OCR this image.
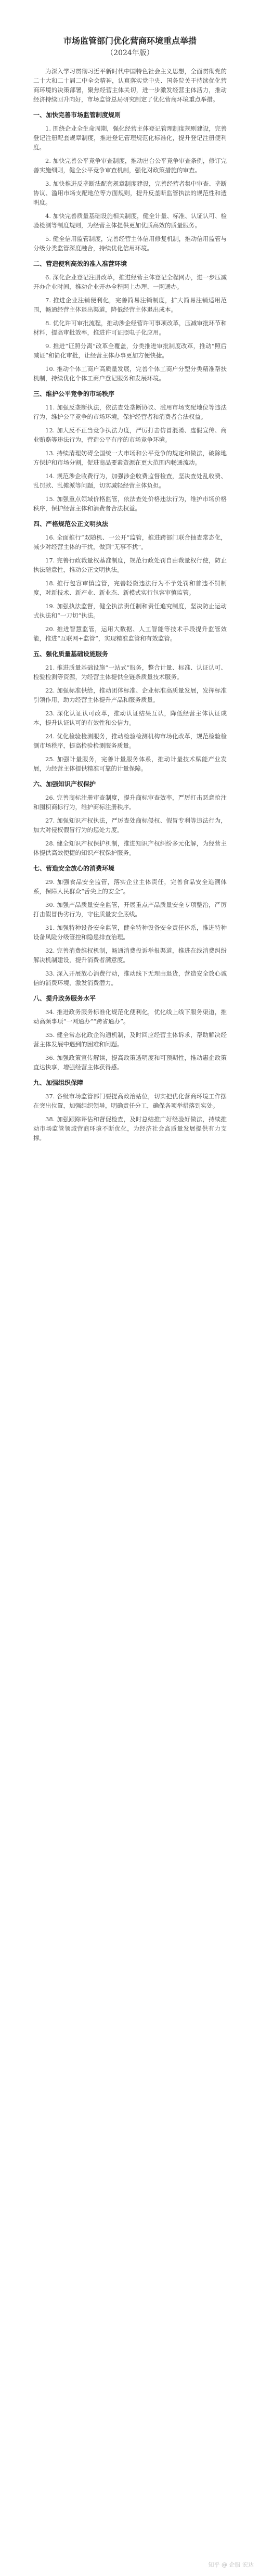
市场监管部门优化营商环境重点举措
（2024年版）

为深入学习贯彻习近平新时代中国特色社会主义思想，全面贯彻党的二十大和二十届二中全会精神，认真落实党中央、国务院关于持续优化营商环境的决策部署，聚焦经营主体关切，进一步激发经营主体活力，推动经济持续回升向好，市场监管总局研究制定了优化营商环境重点举措。

一、加快完善市场监管制度规则

1. 围绕企业全生命周期，强化经营主体登记管理制度规则建设，完善登记注册配套规章制度，推进登记管理规范化标准化，提升登记注册便利度。

2. 加快完善公平竞争审查制度，推动出台公平竞争审查条例，修订完善实施细则，健全公平竞争审查机制，强化对政策措施的审查。

3. 加快推进反垄断法配套规章制度建设，完善经营者集中审查、垄断协议、滥用市场支配地位等方面规则，提升反垄断监管执法的规范性和透明度。

4. 加快完善质量基础设施相关制度，健全计量、标准、认证认可、检验检测等制度规则，为经营主体提供更加优质高效的质量服务。

5. 健全信用监管制度，完善经营主体信用修复机制，推动信用监管与分级分类监管深度融合，持续优化信用环境。

二、营造便利高效的准入准营环境

6. 深化企业登记注册改革，推进经营主体登记全程网办，进一步压减开办企业时间，推动企业开办全程网上办理、一网通办。

7. 推进企业注销便利化，完善简易注销制度，扩大简易注销适用范围，畅通经营主体退出渠道，降低经营主体退出成本。

8. 优化许可审批流程，推动涉企经营许可事项改革，压减审批环节和材料，提高审批效率，推进许可证照电子化应用。

9. 推进“证照分离”改革全覆盖，分类推进审批制度改革，推动“照后减证”和简化审批，让经营主体办事更加方便快捷。

10. 推动个体工商户高质量发展，完善个体工商户分型分类精准帮扶机制，持续优化个体工商户登记服务和发展环境。

三、维护公平竞争的市场秩序

11. 加强反垄断执法，依法查处垄断协议、滥用市场支配地位等违法行为，维护公平竞争的市场环境，保护经营者和消费者合法权益。

12. 加大反不正当竞争执法力度，严厉打击仿冒混淆、虚假宣传、商业贿赂等违法行为，营造公平有序的市场竞争环境。

13. 持续清理妨碍全国统一大市场和公平竞争的规定和做法，破除地方保护和市场分割，促进商品要素资源在更大范围内畅通流动。

14. 规范涉企收费行为，加强涉企收费监督检查，坚决查处乱收费、乱罚款、乱摊派等问题，切实减轻经营主体负担。

15. 加强重点领域价格监管，依法查处价格违法行为，维护市场价格秩序，保护经营主体和消费者合法权益。

四、严格规范公正文明执法

16. 全面推行“双随机、一公开”监管，推进跨部门联合抽查常态化，减少对经营主体的干扰，做到“无事不扰”。

17. 完善行政裁量权基准制度，规范行政处罚自由裁量权行使，防止执法随意性，推动公正文明执法。

18. 推行包容审慎监管，完善轻微违法行为不予处罚和首违不罚制度，对新技术、新产业、新业态、新模式实行包容审慎监管。

19. 加强执法监督，健全执法责任制和责任追究制度，坚决防止运动式执法和“一刀切”执法。

20. 推进智慧监管，运用大数据、人工智能等技术手段提升监管效能，推进“互联网+监管”，实现精准监管和有效监管。

五、强化质量基础设施服务

21. 推进质量基础设施“一站式”服务，整合计量、标准、认证认可、检验检测等资源，为经营主体提供全链条质量技术服务。

22. 加强标准供给，推动团体标准、企业标准高质量发展，发挥标准引领作用，助力经营主体提升产品和服务质量。

23. 深化认证认可改革，推动认证结果互认，降低经营主体认证成本，提升认证认可的有效性和公信力。

24. 优化检验检测服务，推动检验检测机构市场化改革，规范检验检测市场秩序，提高检验检测服务质量。

25. 加强计量服务，完善计量服务体系，推动计量技术赋能产业发展，为经营主体提供精准可靠的计量保障。

六、加强知识产权保护

26. 完善商标注册审查制度，提升商标审查效率，严厉打击恶意抢注和囤积商标行为，维护商标注册秩序。

27. 加强知识产权执法，严厉查处商标侵权、假冒专利等违法行为，加大对侵权假冒行为的惩处力度。

28. 健全知识产权保护机制，推进知识产权纠纷多元化解，为经营主体提供高效便捷的知识产权保护服务。

七、营造安全放心的消费环境

29. 加强食品安全监管，落实企业主体责任，完善食品安全追溯体系，保障人民群众“舌尖上的安全”。

30. 加强产品质量安全监管，开展重点产品质量安全专项整治，严厉打击假冒伪劣行为，守住质量安全底线。

31. 加强特种设备安全监管，健全特种设备安全责任体系，推进特种设备风险分级管控和隐患排查治理。

32. 完善消费维权机制，畅通消费投诉举报渠道，推进在线消费纠纷解决机制建设，提升消费者满意度。

33. 深入开展放心消费行动，推动线下无理由退货，营造安全放心诚信的消费环境，激发消费潜力。

八、提升政务服务水平

34. 推进政务服务标准化规范化便利化，优化线上线下服务渠道，推动高频事项“一网通办”“跨省通办”。

35. 健全常态化政企沟通机制，及时回应经营主体诉求，帮助解决经营主体发展中遇到的困难和问题。

36. 加强政策宣传解读，提高政策透明度和可预期性，推动惠企政策直达快享，增强经营主体获得感。

九、加强组织保障

37. 各级市场监管部门要提高政治站位，切实把优化营商环境工作摆在突出位置，加强组织领导，明确责任分工，确保各项举措落到实处。

38. 加强跟踪评估和督促检查，及时总结推广好经验好做法，持续推动市场监管领域营商环境不断优化，为经济社会高质量发展提供有力支撑。

知乎 @ 企服 宏达
